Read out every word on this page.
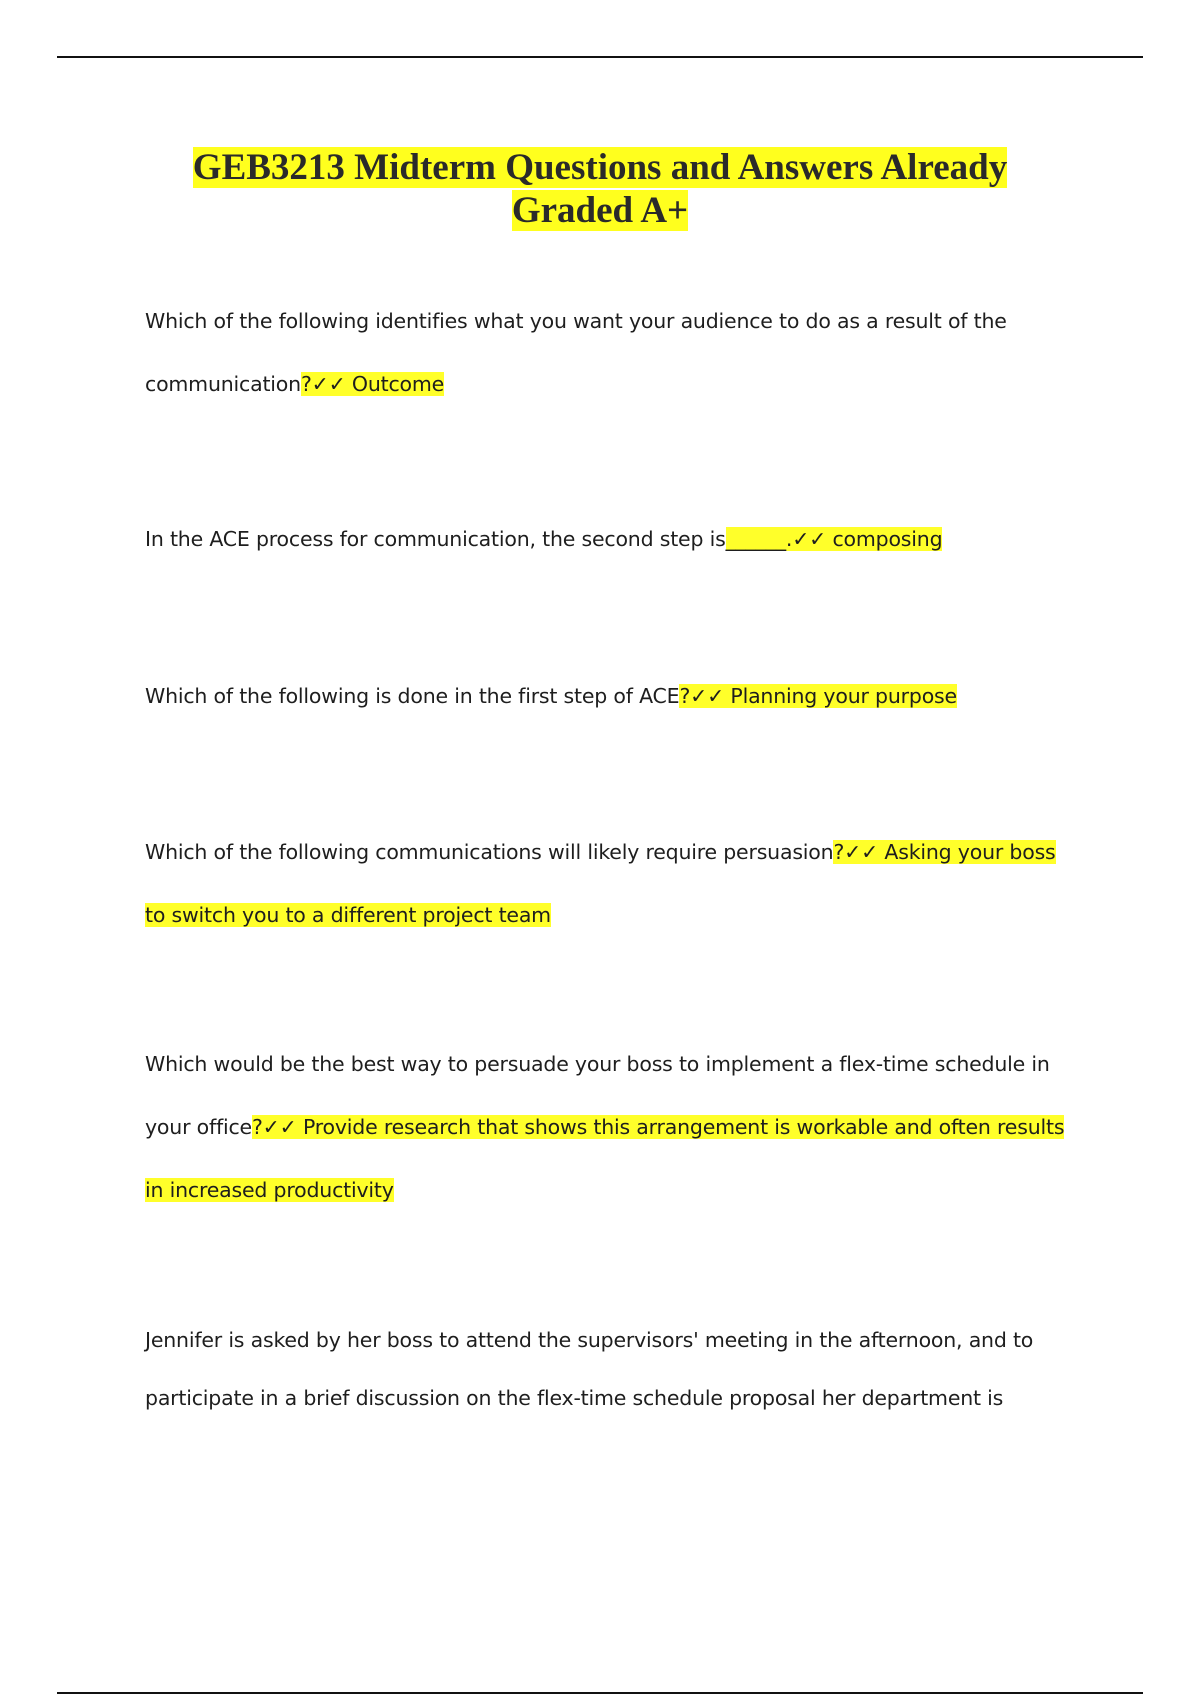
GEB3213 Midterm Questions and Answers Already
Graded A+
Which of the following identifies what you want your audience to do as a result of the communication?✓✓ Outcome
In the ACE process for communication, the second step is______.✓✓ composing
Which of the following is done in the first step of ACE?✓✓ Planning your purpose
Which of the following communications will likely require persuasion?✓✓ Asking your boss to switch you to a different project team
Which would be the best way to persuade your boss to implement a flex-time schedule in your office?✓✓ Provide research that shows this arrangement is workable and often results in increased productivity
Jennifer is asked by her boss to attend the supervisors' meeting in the afternoon, and to participate in a brief discussion on the flex-time schedule proposal her department is
